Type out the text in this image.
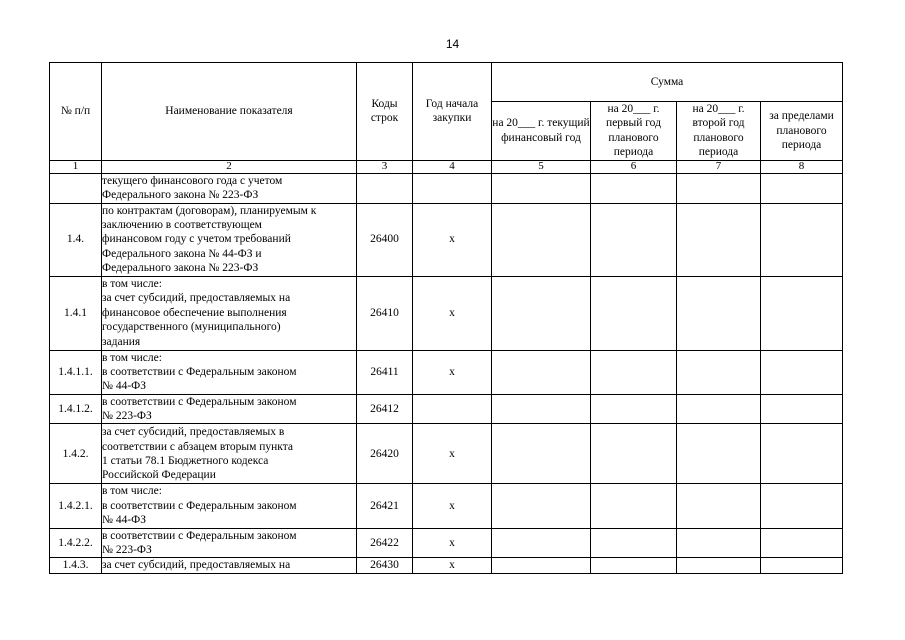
14
№ п/п	Наименование показателя	Коды строк	Год начала закупки	Сумма			
				на 20___ г. текущий финансовый год	на 20___ г. первый год планового периода	на 20___ г. второй год планового периода	за пределами планового периода
1	2	3	4	5	6	7	8

	текущего финансового года с учетом
Федерального закона № 223-ФЗ						

1.4.	по контрактам (договорам), планируемым к
заключению в соответствующем
финансовом году с учетом требований
Федерального закона № 44-ФЗ и
Федерального закона № 223-ФЗ	26400	x				
1.4.1	в том числе:
за счет субсидий, предоставляемых на
финансовое обеспечение выполнения
государственного (муниципального)
задания	26410	x				
1.4.1.1.	в том числе:
в соответствии с Федеральным законом
№ 44-ФЗ	26411	x				
1.4.1.2.	в соответствии с Федеральным законом
№ 223-ФЗ	26412					
1.4.2.	за счет субсидий, предоставляемых в
соответствии с абзацем вторым пункта
1 статьи 78.1 Бюджетного кодекса
Российской Федерации	26420	x				
1.4.2.1.	в том числе:
в соответствии с Федеральным законом
№ 44-ФЗ	26421	x				
1.4.2.2.	в соответствии с Федеральным законом
№ 223-ФЗ	26422	x				
1.4.3.	за счет субсидий, предоставляемых на	26430	x				
